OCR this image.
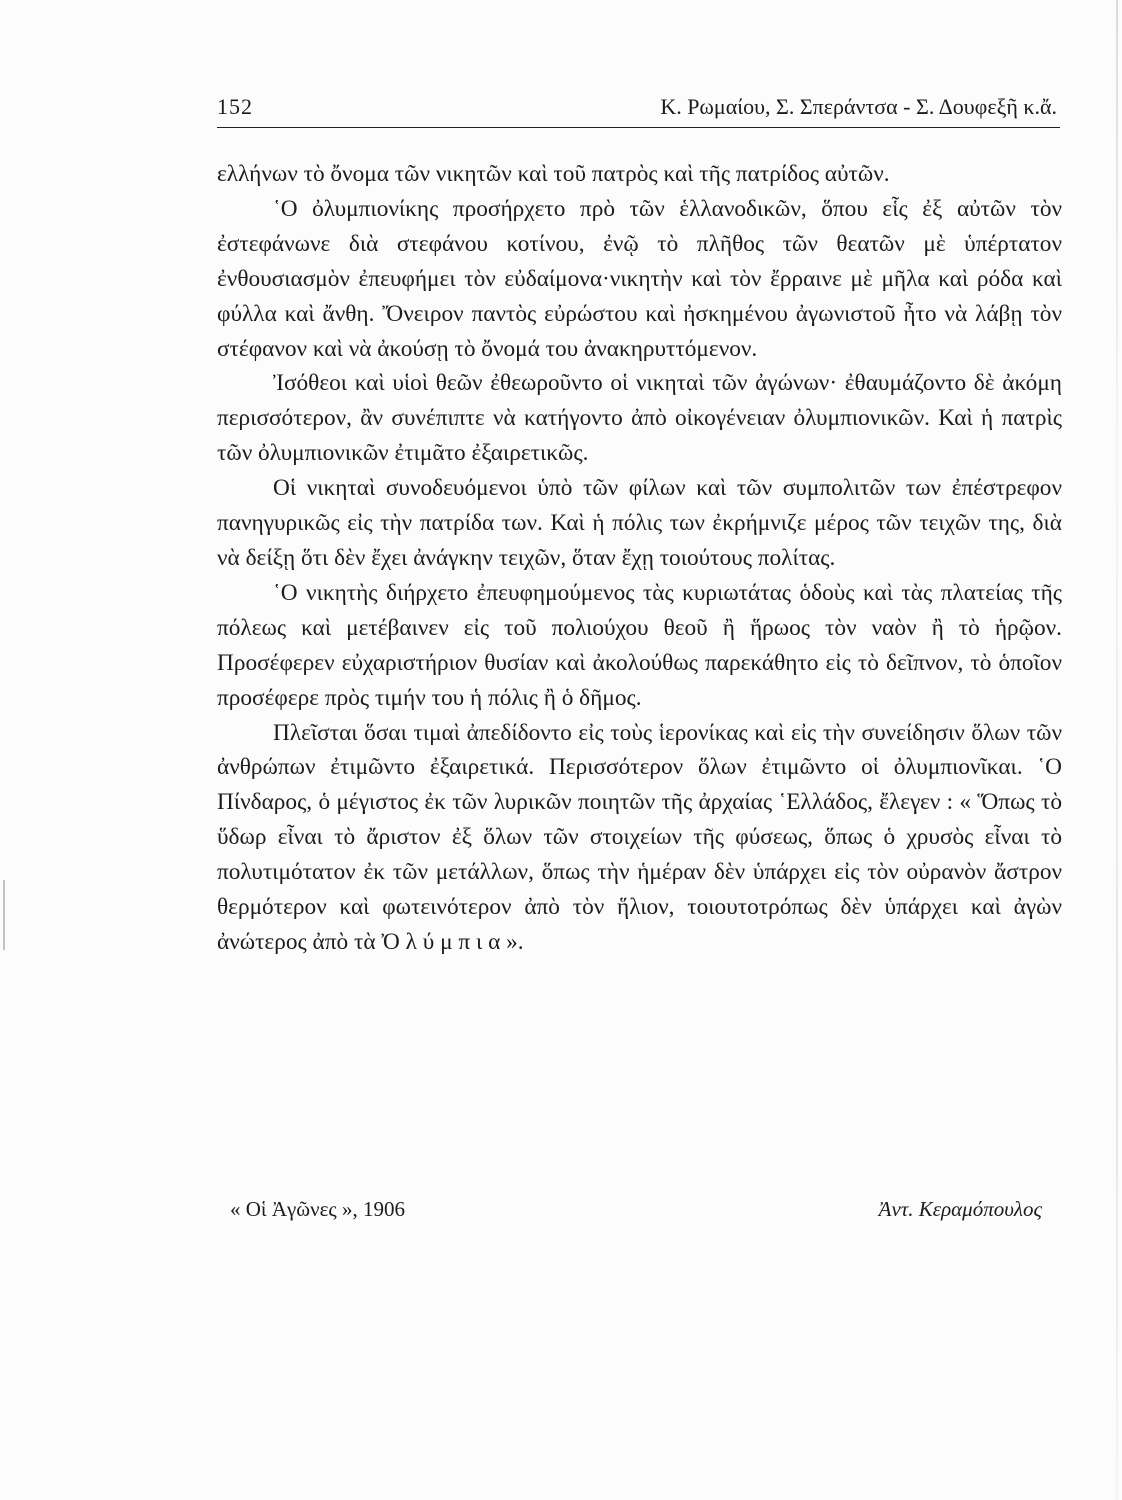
152	Κ. Ρωμαίου, Σ. Σπεράντσα - Σ. Δουφεξῆ κ.ἄ.

ελλήνων τὸ ὄνομα τῶν νικητῶν καὶ τοῦ πατρὸς καὶ τῆς πατρίδος αὐτῶν.

῾Ο ὀλυμπιονίκης προσήρχετο πρὸ τῶν ἑλλανοδικῶν, ὅπου εἷς ἐξ αὐτῶν τὸν ἐστεφάνωνε διὰ στεφάνου κοτίνου, ἐνῷ τὸ πλῆθος τῶν θεατῶν μὲ ὑπέρτατον ἐνθουσιασμὸν ἐπευφήμει τὸν εὐδαίμονα·νικητὴν καὶ τὸν ἔρραινε μὲ μῆλα καὶ ρόδα καὶ φύλλα καὶ ἄνθη. Ὄνειρον παντὸς εὐρώστου καὶ ἠσκημένου ἀγωνιστοῦ ἦτο νὰ λάβῃ τὸν στέφανον καὶ νὰ ἀκούσῃ τὸ ὄνομά του ἀνακηρυττόμενον.

Ἰσόθεοι καὶ υἱοὶ θεῶν ἐθεωροῦντο οἱ νικηταὶ τῶν ἀγώνων· ἐθαυμάζοντο δὲ ἀκόμη περισσότερον, ἂν συνέπιπτε νὰ κατήγοντο ἀπὸ οἰκογένειαν ὀλυμπιονικῶν. Καὶ ἡ πατρὶς τῶν ὀλυμπιονικῶν ἐτιμᾶτο ἐξαιρετικῶς.

Οἱ νικηταὶ συνοδευόμενοι ὑπὸ τῶν φίλων καὶ τῶν συμπολιτῶν των ἐπέστρεφον πανηγυρικῶς εἰς τὴν πατρίδα των. Καὶ ἡ πόλις των ἐκρήμνιζε μέρος τῶν τειχῶν της, διὰ νὰ δείξῃ ὅτι δὲν ἔχει ἀνάγκην τειχῶν, ὅταν ἔχῃ τοιούτους πολίτας.

῾Ο νικητὴς διήρχετο ἐπευφημούμενος τὰς κυριωτάτας ὁδοὺς καὶ τὰς πλατείας τῆς πόλεως καὶ μετέβαινεν εἰς τοῦ πολιούχου θεοῦ ἢ ἥρωος τὸν ναὸν ἢ τὸ ἡρῷον. Προσέφερεν εὐχαριστήριον θυσίαν καὶ ἀκολούθως παρεκάθητο εἰς τὸ δεῖπνον, τὸ ὁποῖον προσέφερε πρὸς τιμήν του ἡ πόλις ἢ ὁ δῆμος.

Πλεῖσται ὅσαι τιμαὶ ἀπεδίδοντο εἰς τοὺς ἱερονίκας καὶ εἰς τὴν συνείδησιν ὅλων τῶν ἀνθρώπων ἐτιμῶντο ἐξαιρετικά. Περισσότερον ὅλων ἐτιμῶντο οἱ ὀλυμπιονῖκαι. ῾Ο Πίνδαρος, ὁ μέγιστος ἐκ τῶν λυρικῶν ποιητῶν τῆς ἀρχαίας ῾Ελλάδος, ἔλεγεν : « Ὅπως τὸ ὕδωρ εἶναι τὸ ἄριστον ἐξ ὅλων τῶν στοιχείων τῆς φύσεως, ὅπως ὁ χρυσὸς εἶναι τὸ πολυτιμότατον ἐκ τῶν μετάλλων, ὅπως τὴν ἡμέραν δὲν ὑπάρχει εἰς τὸν οὐρανὸν ἄστρον θερμότερον καὶ φωτεινότερον ἀπὸ τὸν ἥλιον, τοιουτοτρόπως δὲν ὑπάρχει καὶ ἀγὼν ἀνώτερος ἀπὸ τὰ Ὀ λ ύ μ π ι α ».

« Οἱ Ἀγῶνες », 1906	Ἀντ. Κεραμόπουλος
